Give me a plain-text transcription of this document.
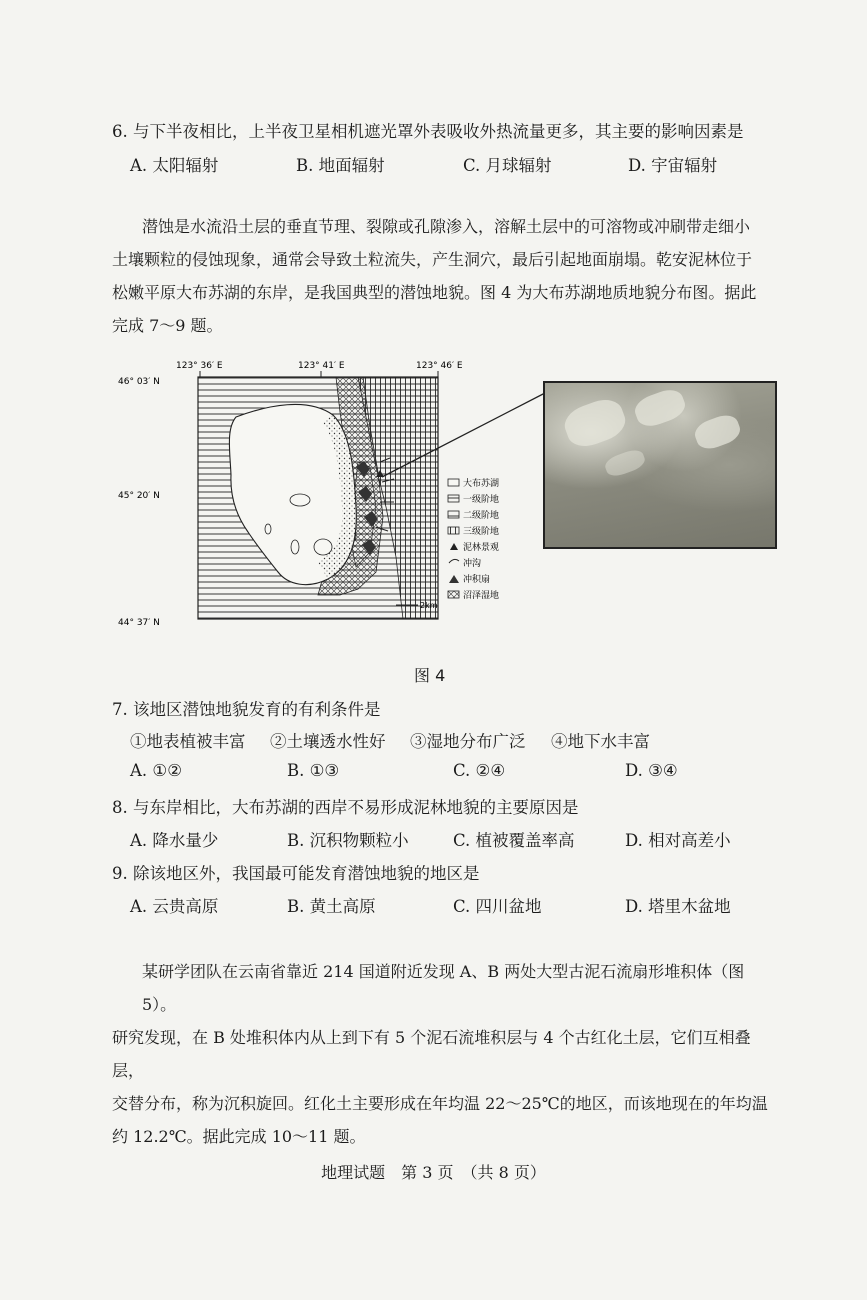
6. 与下半夜相比，上半夜卫星相机遮光罩外表吸收外热流量更多，其主要的影响因素是
A. 太阳辐射	B. 地面辐射	C. 月球辐射	D. 宇宙辐射
潜蚀是水流沿土层的垂直节理、裂隙或孔隙渗入，溶解土层中的可溶物或冲刷带走细小
土壤颗粒的侵蚀现象，通常会导致土粒流失，产生洞穴，最后引起地面崩塌。乾安泥林位于
松嫩平原大布苏湖的东岸，是我国典型的潜蚀地貌。图 4 为大布苏湖地质地貌分布图。据此
完成 7～9 题。
123° 36′ E	123° 41′ E	123° 46′ E
46° 03′ N
45° 20′ N
44° 37′ N
2km
大布苏湖
一级阶地
二级阶地
三级阶地
泥林景观
冲沟
冲积扇
沼泽湿地
图 4
7. 该地区潜蚀地貌发育的有利条件是
①地表植被丰富 ②土壤透水性好 ③湿地分布广泛 ④地下水丰富
A. ①②	B. ①③	C. ②④	D. ③④
8. 与东岸相比，大布苏湖的西岸不易形成泥林地貌的主要原因是
A. 降水量少	B. 沉积物颗粒小	C. 植被覆盖率高	D. 相对高差小
9. 除该地区外，我国最可能发育潜蚀地貌的地区是
A. 云贵高原	B. 黄土高原	C. 四川盆地	D. 塔里木盆地
某研学团队在云南省靠近 214 国道附近发现 A、B 两处大型古泥石流扇形堆积体（图 5）。
研究发现，在 B 处堆积体内从上到下有 5 个泥石流堆积层与 4 个古红化土层，它们互相叠层，
交替分布，称为沉积旋回。红化土主要形成在年均温 22～25℃的地区，而该地现在的年均温
约 12.2℃。据此完成 10～11 题。
地理试题　第 3 页　（共 8 页）
